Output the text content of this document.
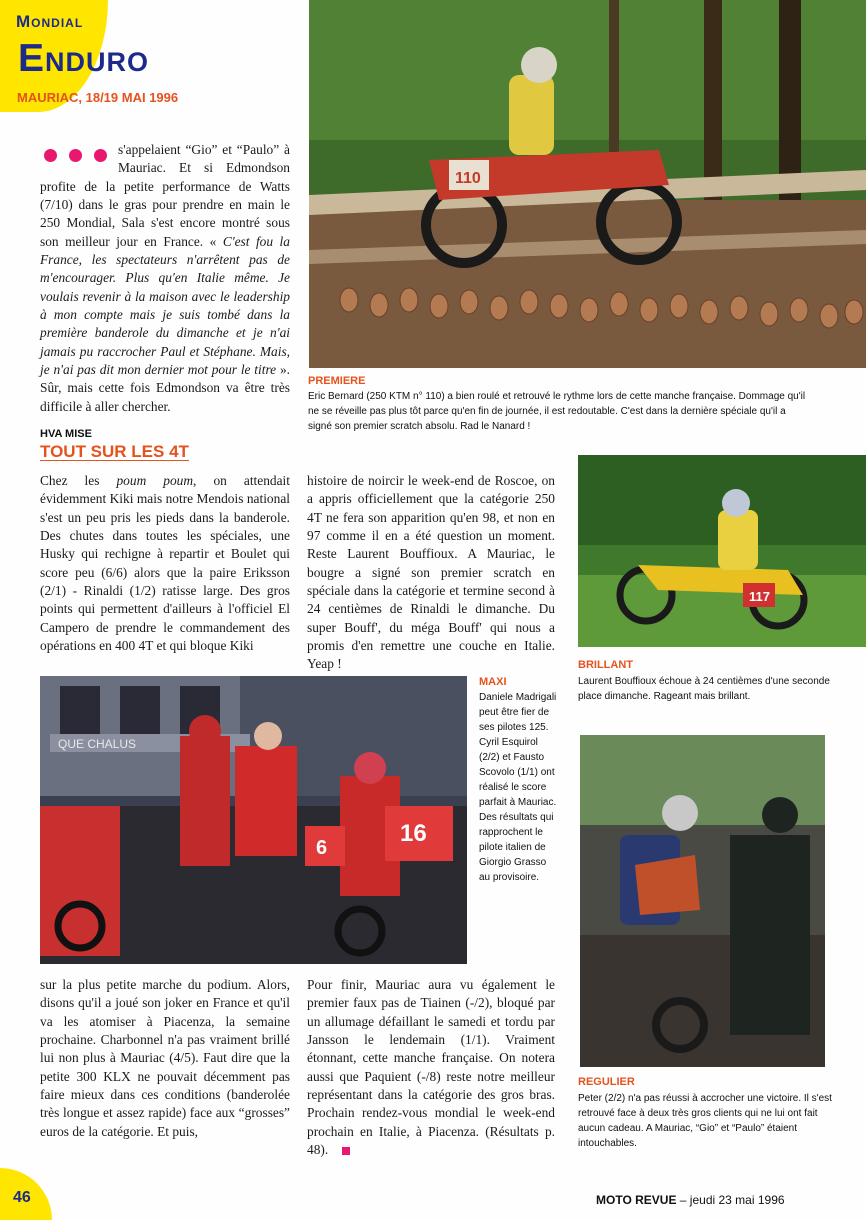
Mondial
Enduro
MAURIAC, 18/19 MAI 1996

s'appelaient “Gio” et “Paulo” à Mauriac. Et si Edmondson profite de la petite performance de Watts (7/10) dans le gras pour prendre en main le 250 Mondial, Sala s'est encore montré sous son meilleur jour en France. « C'est fou la France, les spectateurs n'arrêtent pas de m'encourager. Plus qu'en Italie même. Je voulais revenir à la maison avec le leadership à mon compte mais je suis tombé dans la première banderole du dimanche et je n'ai jamais pu raccrocher Paul et Stéphane. Mais, je n'ai pas dit mon dernier mot pour le titre ». Sûr, mais cette fois Edmondson va être très difficile à aller chercher.

HVA MISE
TOUT SUR LES 4T

Chez les poum poum, on attendait évidemment Kiki mais notre Mendois national s'est un peu pris les pieds dans la banderole. Des chutes dans toutes les spéciales, une Husky qui rechigne à repartir et Boulet qui score peu (6/6) alors que la paire Eriksson (2/1) - Rinaldi (1/2) ratisse large. Des gros points qui permettent d'ailleurs à l'officiel El Campero de prendre le commandement des opérations en 400 4T et qui bloque Kiki

histoire de noircir le week-end de Roscoe, on a appris officiellement que la catégorie 250 4T ne fera son apparition qu'en 98, et non en 97 comme il en a été question un moment. Reste Laurent Bouffioux. A Mauriac, le bougre a signé son premier scratch en spéciale dans la catégorie et termine second à 24 centièmes de Rinaldi le dimanche. Du super Bouff', du méga Bouff' qui nous a promis d'en remettre une couche en Italie. Yeap !

sur la plus petite marche du podium. Alors, disons qu'il a joué son joker en France et qu'il va les atomiser à Piacenza, la semaine prochaine. Charbonnel n'a pas vraiment brillé lui non plus à Mauriac (4/5). Faut dire que la petite 300 KLX ne pouvait décemment pas faire mieux dans ces conditions (banderolée très longue et assez rapide) face aux “grosses” euros de la catégorie. Et puis,

Pour finir, Mauriac aura vu également le premier faux pas de Tiainen (-/2), bloqué par un allumage défaillant le samedi et tordu par Jansson le lendemain (1/1). Vraiment étonnant, cette manche française. On notera aussi que Paquient (-/8) reste notre meilleur représentant dans la catégorie des gros bras. Prochain rendez-vous mondial le week-end prochain en Italie, à Piacenza. (Résultats p. 48).

110
PREMIERE
Eric Bernard (250 KTM n° 110) a bien roulé et retrouvé le rythme lors de cette manche française. Dommage qu'il ne se réveille pas plus tôt parce qu'en fin de journée, il est redoutable. C'est dans la dernière spéciale qu'il a signé son premier scratch absolu. Rad le Nanard !
117
BRILLANT
Laurent Bouffioux échoue à 24 centièmes d'une seconde place dimanche. Rageant mais brillant.
QUE CHALUS
16
6
MAXI
Daniele Madrigali peut être fier de ses pilotes 125. Cyril Esquirol (2/2) et Fausto Scovolo (1/1) ont réalisé le score parfait à Mauriac. Des résultats qui rapprochent le pilote italien de Giorgio Grasso au provisoire.
REGULIER
Peter (2/2) n'a pas réussi à accrocher une victoire. Il s'est retrouvé face à deux très gros clients qui ne lui ont fait aucun cadeau. A Mauriac, “Gio” et “Paulo” étaient intouchables.
46	MOTO REVUE – jeudi 23 mai 1996
